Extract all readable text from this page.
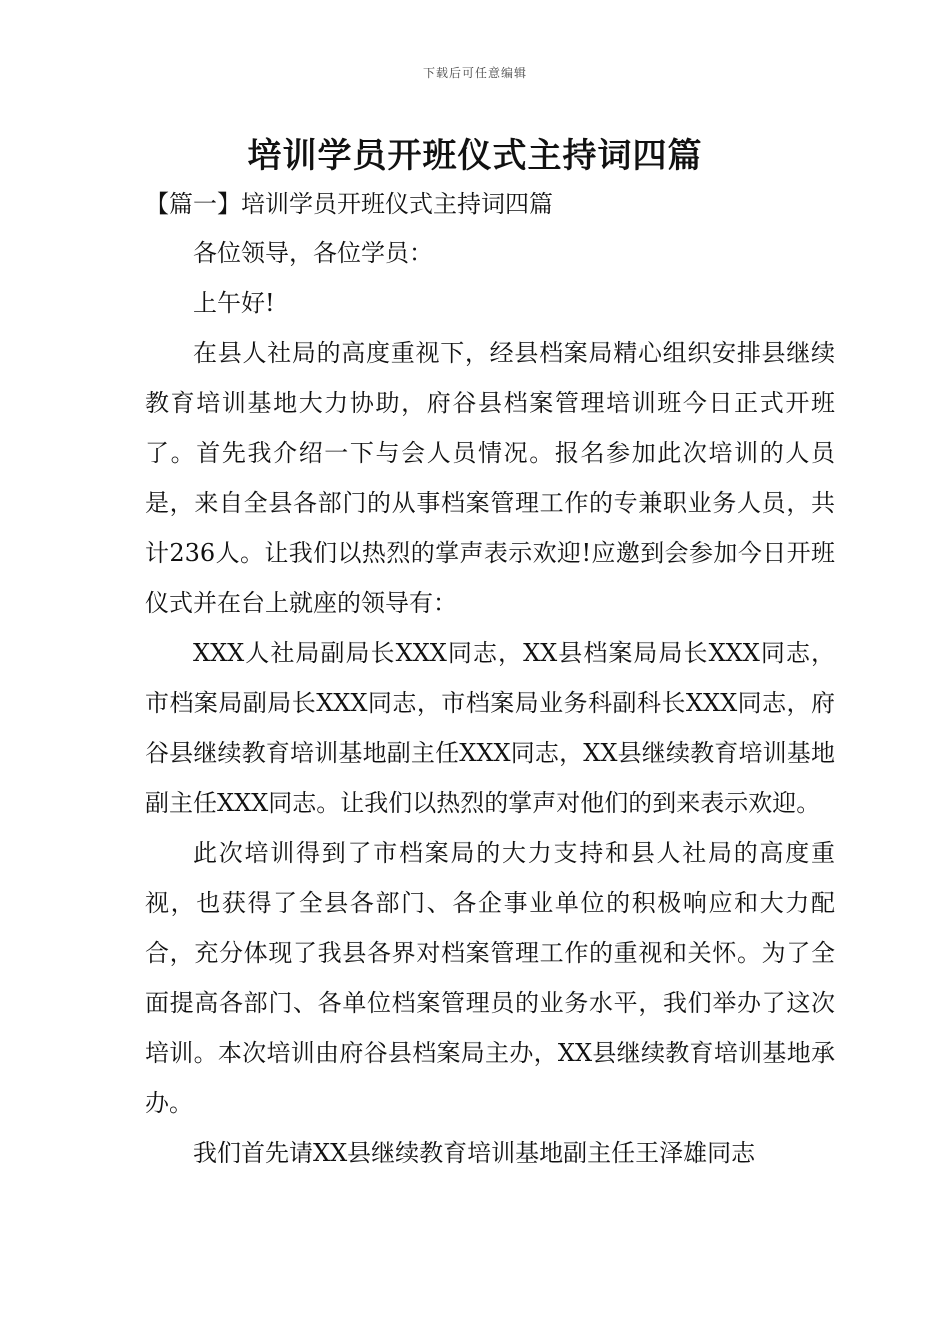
下载后可任意编辑
培训学员开班仪式主持词四篇
【篇一】培训学员开班仪式主持词四篇

各位领导，各位学员：

上午好!

在县人社局的高度重视下，经县档案局精心组织安排县继续教育培训基地大力协助，府谷县档案管理培训班今日正式开班了。首先我介绍一下与会人员情况。报名参加此次培训的人员是，来自全县各部门的从事档案管理工作的专兼职业务人员，共计236人。让我们以热烈的掌声表示欢迎!应邀到会参加今日开班仪式并在台上就座的领导有：

XXX人社局副局长XXX同志，XX县档案局局长XXX同志，市档案局副局长XXX同志，市档案局业务科副科长XXX同志，府谷县继续教育培训基地副主任XXX同志，XX县继续教育培训基地副主任XXX同志。让我们以热烈的掌声对他们的到来表示欢迎。

此次培训得到了市档案局的大力支持和县人社局的高度重视，也获得了全县各部门、各企事业单位的积极响应和大力配合，充分体现了我县各界对档案管理工作的重视和关怀。为了全面提高各部门、各单位档案管理员的业务水平，我们举办了这次培训。本次培训由府谷县档案局主办，XX县继续教育培训基地承办。

我们首先请XX县继续教育培训基地副主任王泽雄同志
